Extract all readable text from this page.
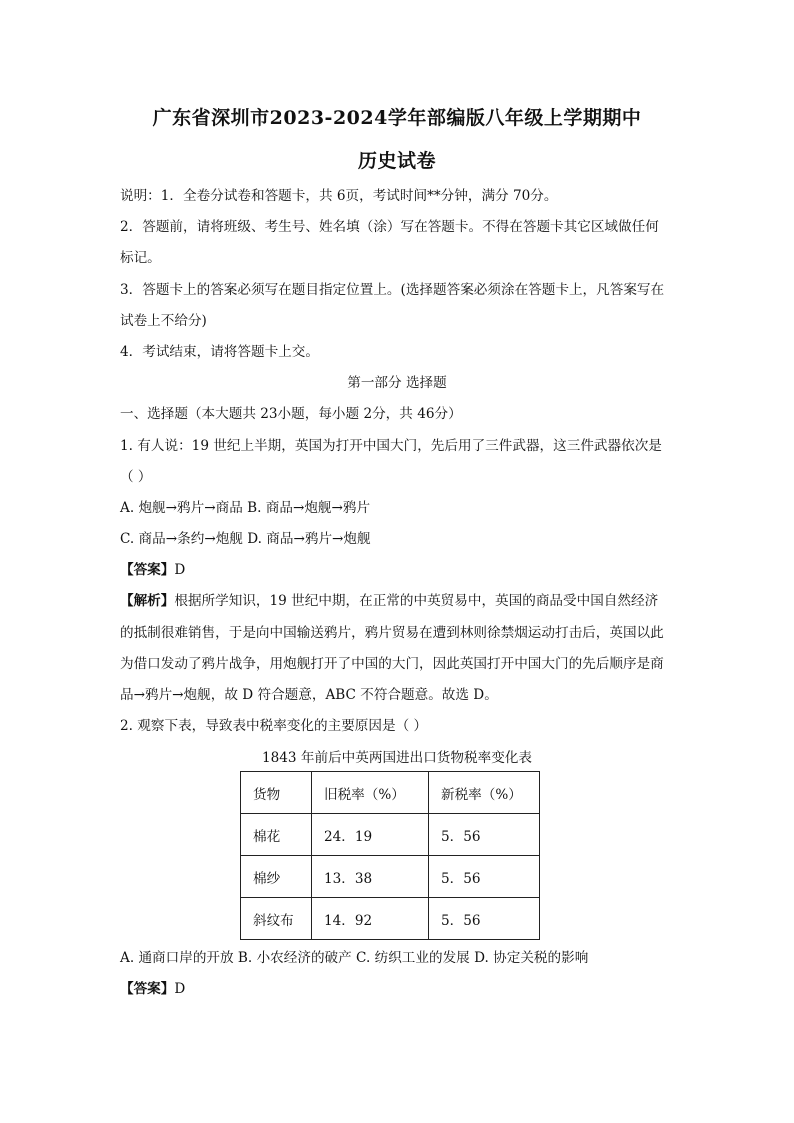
广东省深圳市2023-2024学年部编版八年级上学期期中
历史试卷
说明：1．全卷分试卷和答题卡，共 6页，考试时间**分钟，满分 70分。
2．答题前，请将班级、考生号、姓名填（涂）写在答题卡。不得在答题卡其它区域做任何
标记。
3．答题卡上的答案必须写在题目指定位置上。(选择题答案必须涂在答题卡上，凡答案写在
试卷上不给分)
4．考试结束，请将答题卡上交。
第一部分 选择题
一、选择题（本大题共 23小题，每小题 2分，共 46分）
1. 有人说：19 世纪上半期，英国为打开中国大门，先后用了三件武器，这三件武器依次是
（ ）
A. 炮舰→鸦片→商品 B. 商品→炮舰→鸦片
C. 商品→条约→炮舰 D. 商品→鸦片→炮舰
【答案】D
【解析】根据所学知识，19 世纪中期，在正常的中英贸易中，英国的商品受中国自然经济
的抵制很难销售，于是向中国输送鸦片，鸦片贸易在遭到林则徐禁烟运动打击后，英国以此
为借口发动了鸦片战争，用炮舰打开了中国的大门，因此英国打开中国大门的先后顺序是商
品→鸦片→炮舰，故 D 符合题意，ABC 不符合题意。故选 D。
2. 观察下表，导致表中税率变化的主要原因是（ ）
1843 年前后中英两国进出口货物税率变化表
货物	旧税率（%）	新税率（%）
棉花	24．19	5．56
棉纱	13．38	5．56
斜纹布	14．92	5．56
A. 通商口岸的开放 B. 小农经济的破产 C. 纺织工业的发展 D. 协定关税的影响
【答案】D
